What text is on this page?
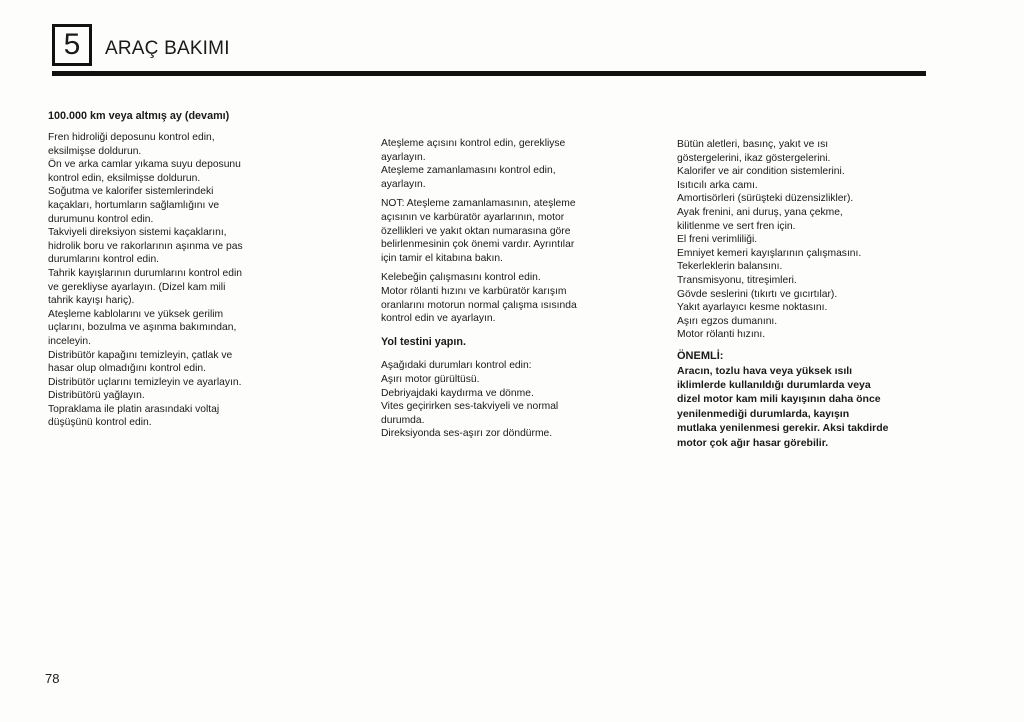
5	ARAÇ BAKIMI
100.000 km veya altmış ay (devamı)
Fren hidroliği deposunu kontrol edin,
eksilmişse doldurun.
Ön ve arka camlar yıkama suyu deposunu
kontrol edin, eksilmişse doldurun.
Soğutma ve kalorifer sistemlerindeki
kaçakları, hortumların sağlamlığını ve
durumunu kontrol edin.
Takviyeli direksiyon sistemi kaçaklarını,
hidrolik boru ve rakorlarının aşınma ve pas
durumlarını kontrol edin.
Tahrik kayışlarının durumlarını kontrol edin
ve gerekliyse ayarlayın. (Dizel kam mili
tahrik kayışı hariç).
Ateşleme kablolarını ve yüksek gerilim
uçlarını, bozulma ve aşınma bakımından,
inceleyin.
Distribütör kapağını temizleyin, çatlak ve
hasar olup olmadığını kontrol edin.
Distribütör uçlarını temizleyin ve ayarlayın.
Distribütörü yağlayın.
Topraklama ile platin arasındaki voltaj
düşüşünü kontrol edin.

Ateşleme açısını kontrol edin, gerekliyse
ayarlayın.
Ateşleme zamanlamasını kontrol edin,
ayarlayın.

NOT: Ateşleme zamanlamasının, ateşleme
açısının ve karbüratör ayarlarının, motor
özellikleri ve yakıt oktan numarasına göre
belirlenmesinin çok önemi vardır. Ayrıntılar
için tamir el kitabına bakın.

Kelebeğin çalışmasını kontrol edin.
Motor rölanti hızını ve karbüratör karışım
oranlarını motorun normal çalışma ısısında
kontrol edin ve ayarlayın.

Yol testini yapın.

Aşağıdaki durumları kontrol edin:
Aşırı motor gürültüsü.
Debriyajdaki kaydırma ve dönme.
Vites geçirirken ses-takviyeli ve normal
durumda.
Direksiyonda ses-aşırı zor döndürme.

Bütün aletleri, basınç, yakıt ve ısı
göstergelerini, ikaz göstergelerini.
Kalorifer ve air condition sistemlerini.
Isıtıcılı arka camı.
Amortisörleri (sürüşteki düzensizlikler).
Ayak frenini, ani duruş, yana çekme,
kilitlenme ve sert fren için.
El freni verimliliği.
Emniyet kemeri kayışlarının çalışmasını.
Tekerleklerin balansını.
Transmisyonu, titreşimleri.
Gövde seslerini (tıkırtı ve gıcırtılar).
Yakıt ayarlayıcı kesme noktasını.
Aşırı egzos dumanını.
Motor rölanti hızını.
ÖNEMLİ:
Aracın, tozlu hava veya yüksek ısılı
iklimlerde kullanıldığı durumlarda veya
dizel motor kam mili kayışının daha önce
yenilenmediği durumlarda, kayışın
mutlaka yenilenmesi gerekir. Aksi takdirde
motor çok ağır hasar görebilir.
78
